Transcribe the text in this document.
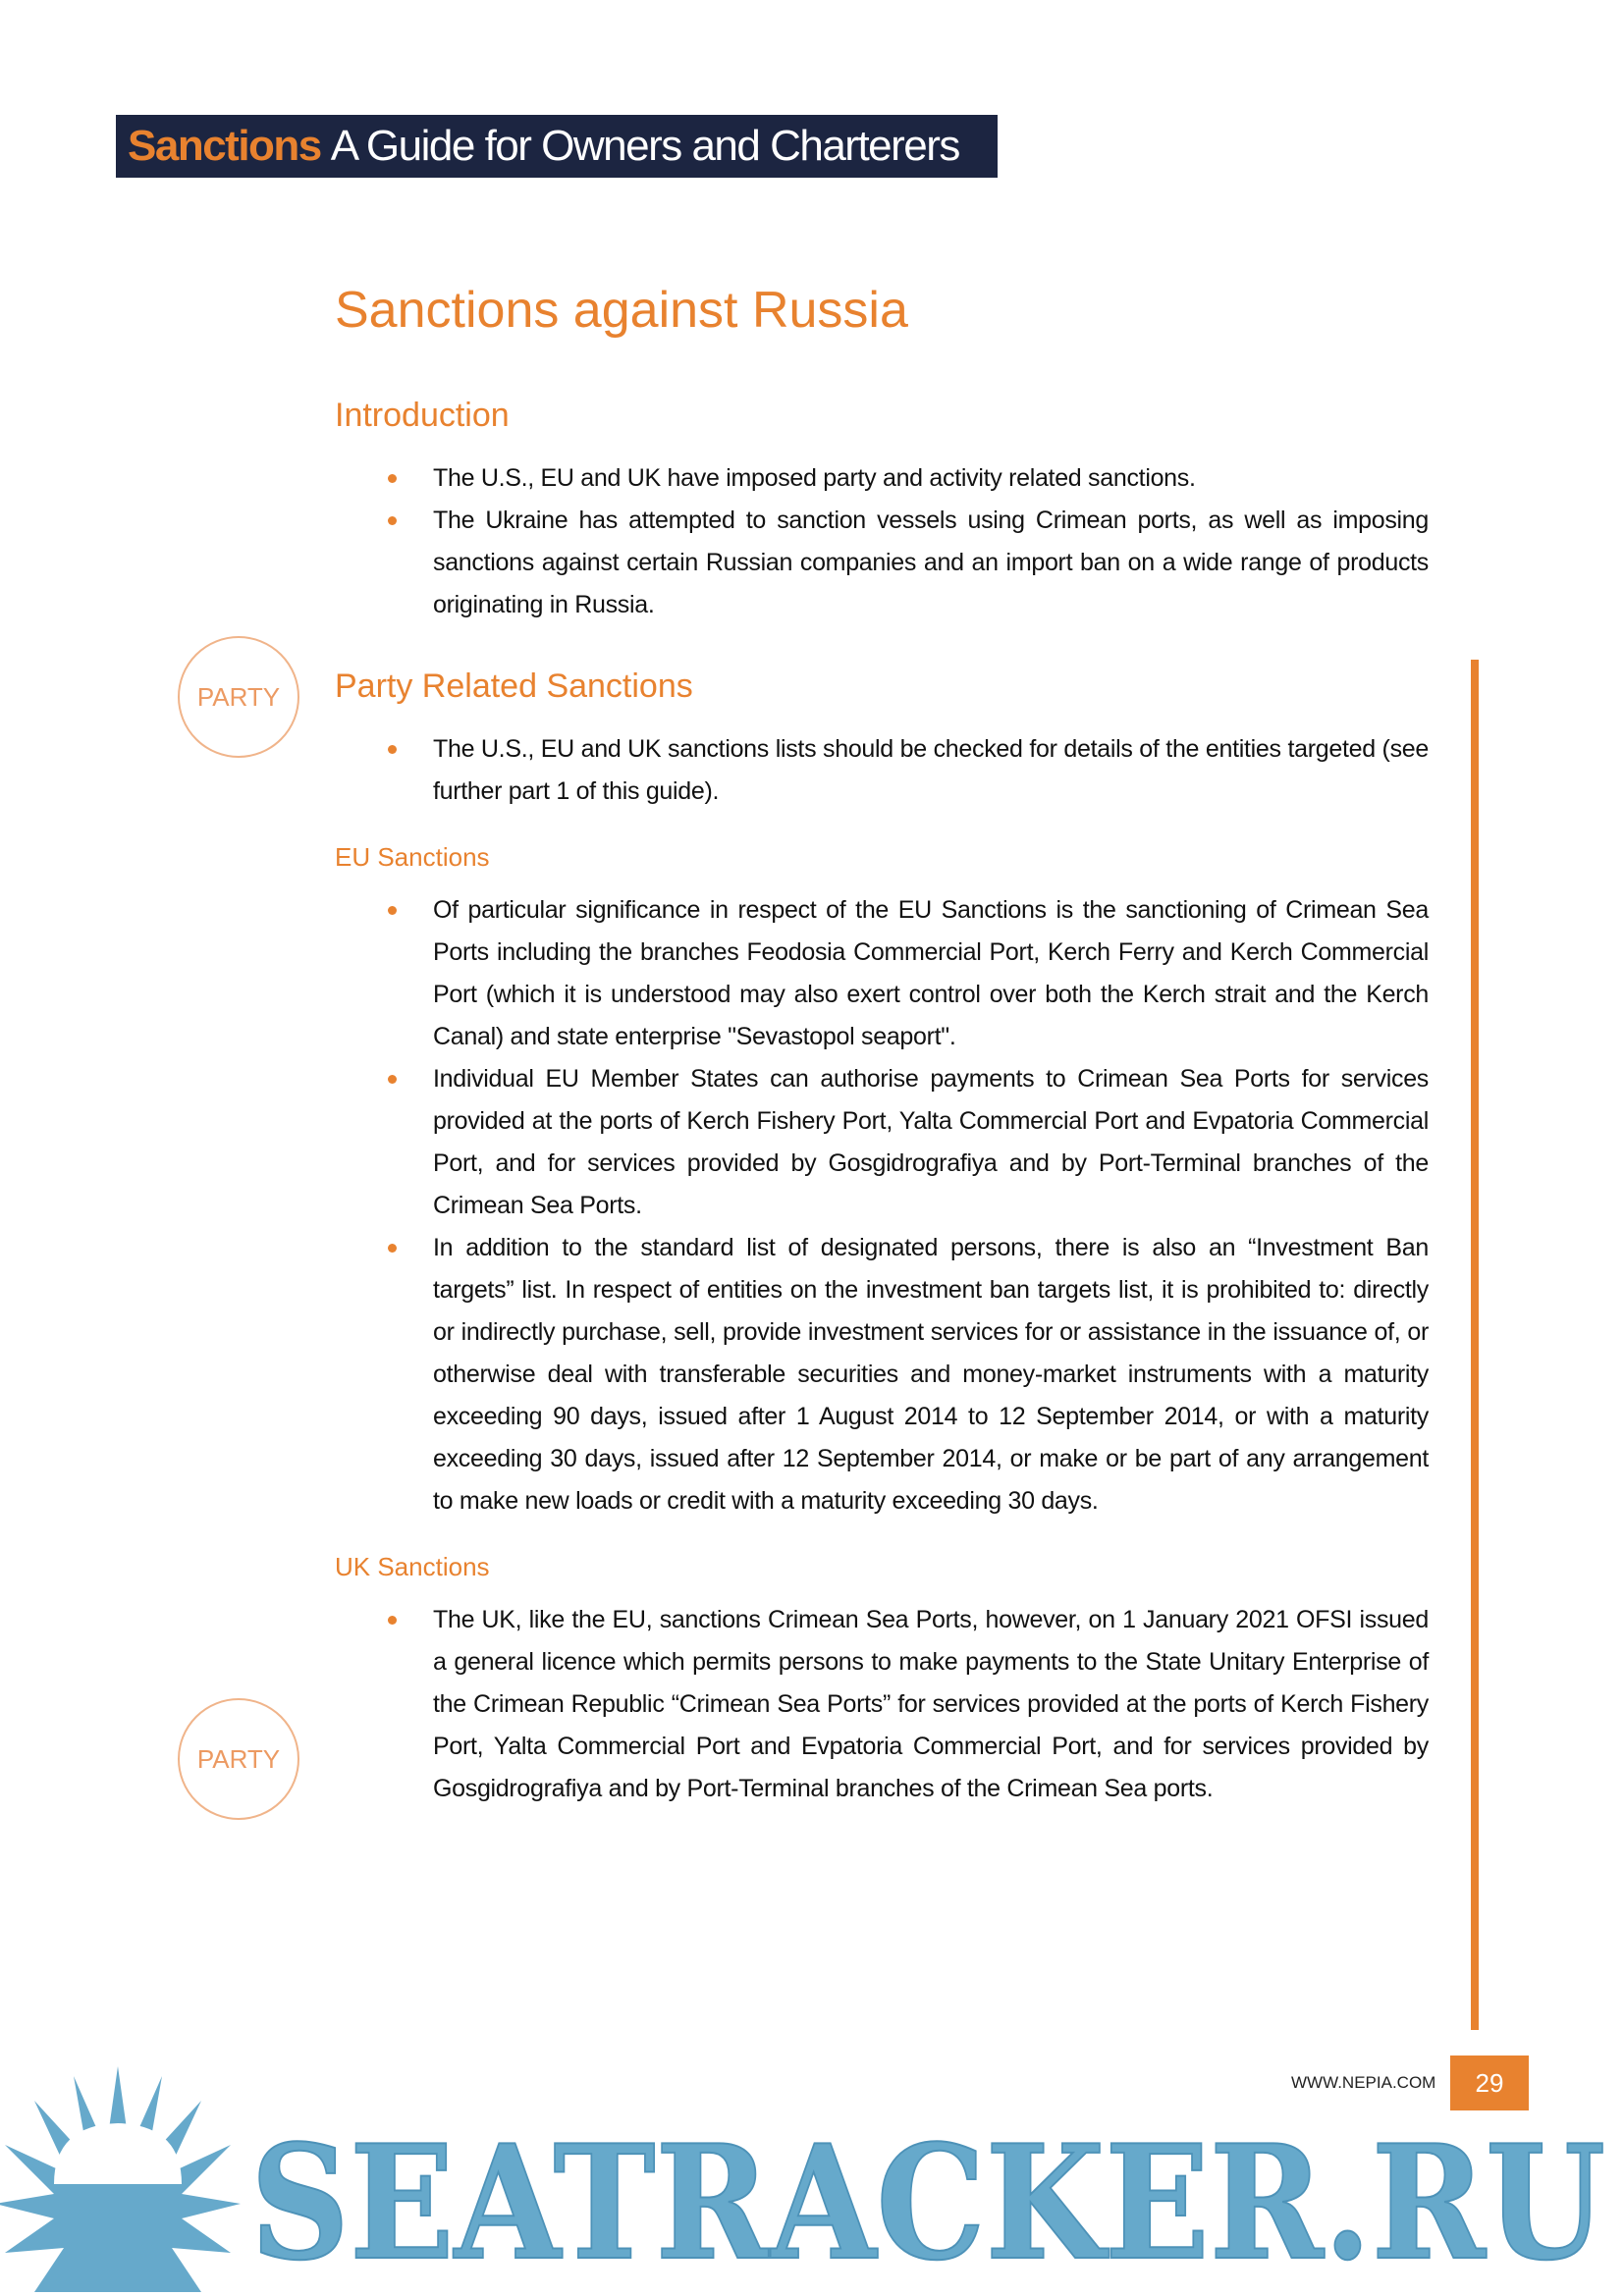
Sanctions A Guide for Owners and Charterers
Sanctions against Russia
Introduction
The U.S., EU and UK have imposed party and activity related sanctions.
The Ukraine has attempted to sanction vessels using Crimean ports, as well as imposing sanctions against certain Russian companies and an import ban on a wide range of products originating in Russia.
PARTY	Party Related Sanctions
The U.S., EU and UK sanctions lists should be checked for details of the entities targeted (see further part 1 of this guide).
EU Sanctions
Of particular significance in respect of the EU Sanctions is the sanctioning of Crimean Sea Ports including the branches Feodosia Commercial Port, Kerch Ferry and Kerch Commercial Port (which it is understood may also exert control over both the Kerch strait and the Kerch Canal) and state enterprise "Sevastopol seaport".
Individual EU Member States can authorise payments to Crimean Sea Ports for services provided at the ports of Kerch Fishery Port, Yalta Commercial Port and Evpatoria Commercial Port, and for services provided by Gosgidrografiya and by Port-Terminal branches of the Crimean Sea Ports.
In addition to the standard list of designated persons, there is also an “Investment Ban targets” list. In respect of entities on the investment ban targets list, it is prohibited to: directly or indirectly purchase, sell, provide investment services for or assistance in the issuance of, or otherwise deal with transferable securities and money-market instruments with a maturity exceeding 90 days, issued after 1 August 2014 to 12 September 2014, or with a maturity exceeding 30 days, issued after 12 September 2014, or make or be part of any arrangement to make new loads or credit with a maturity exceeding 30 days.
UK Sanctions
The UK, like the EU, sanctions Crimean Sea Ports, however, on 1 January 2021 OFSI issued a general licence which permits persons to make payments to the State Unitary Enterprise of the Crimean Republic “Crimean Sea Ports” for services provided at the ports of Kerch Fishery Port, Yalta Commercial Port and Evpatoria Commercial Port, and for services provided by Gosgidrografiya and by Port-Terminal branches of the Crimean Sea ports.
PARTY
SEATRACKER.RU
WWW.NEPIA.COM	29
